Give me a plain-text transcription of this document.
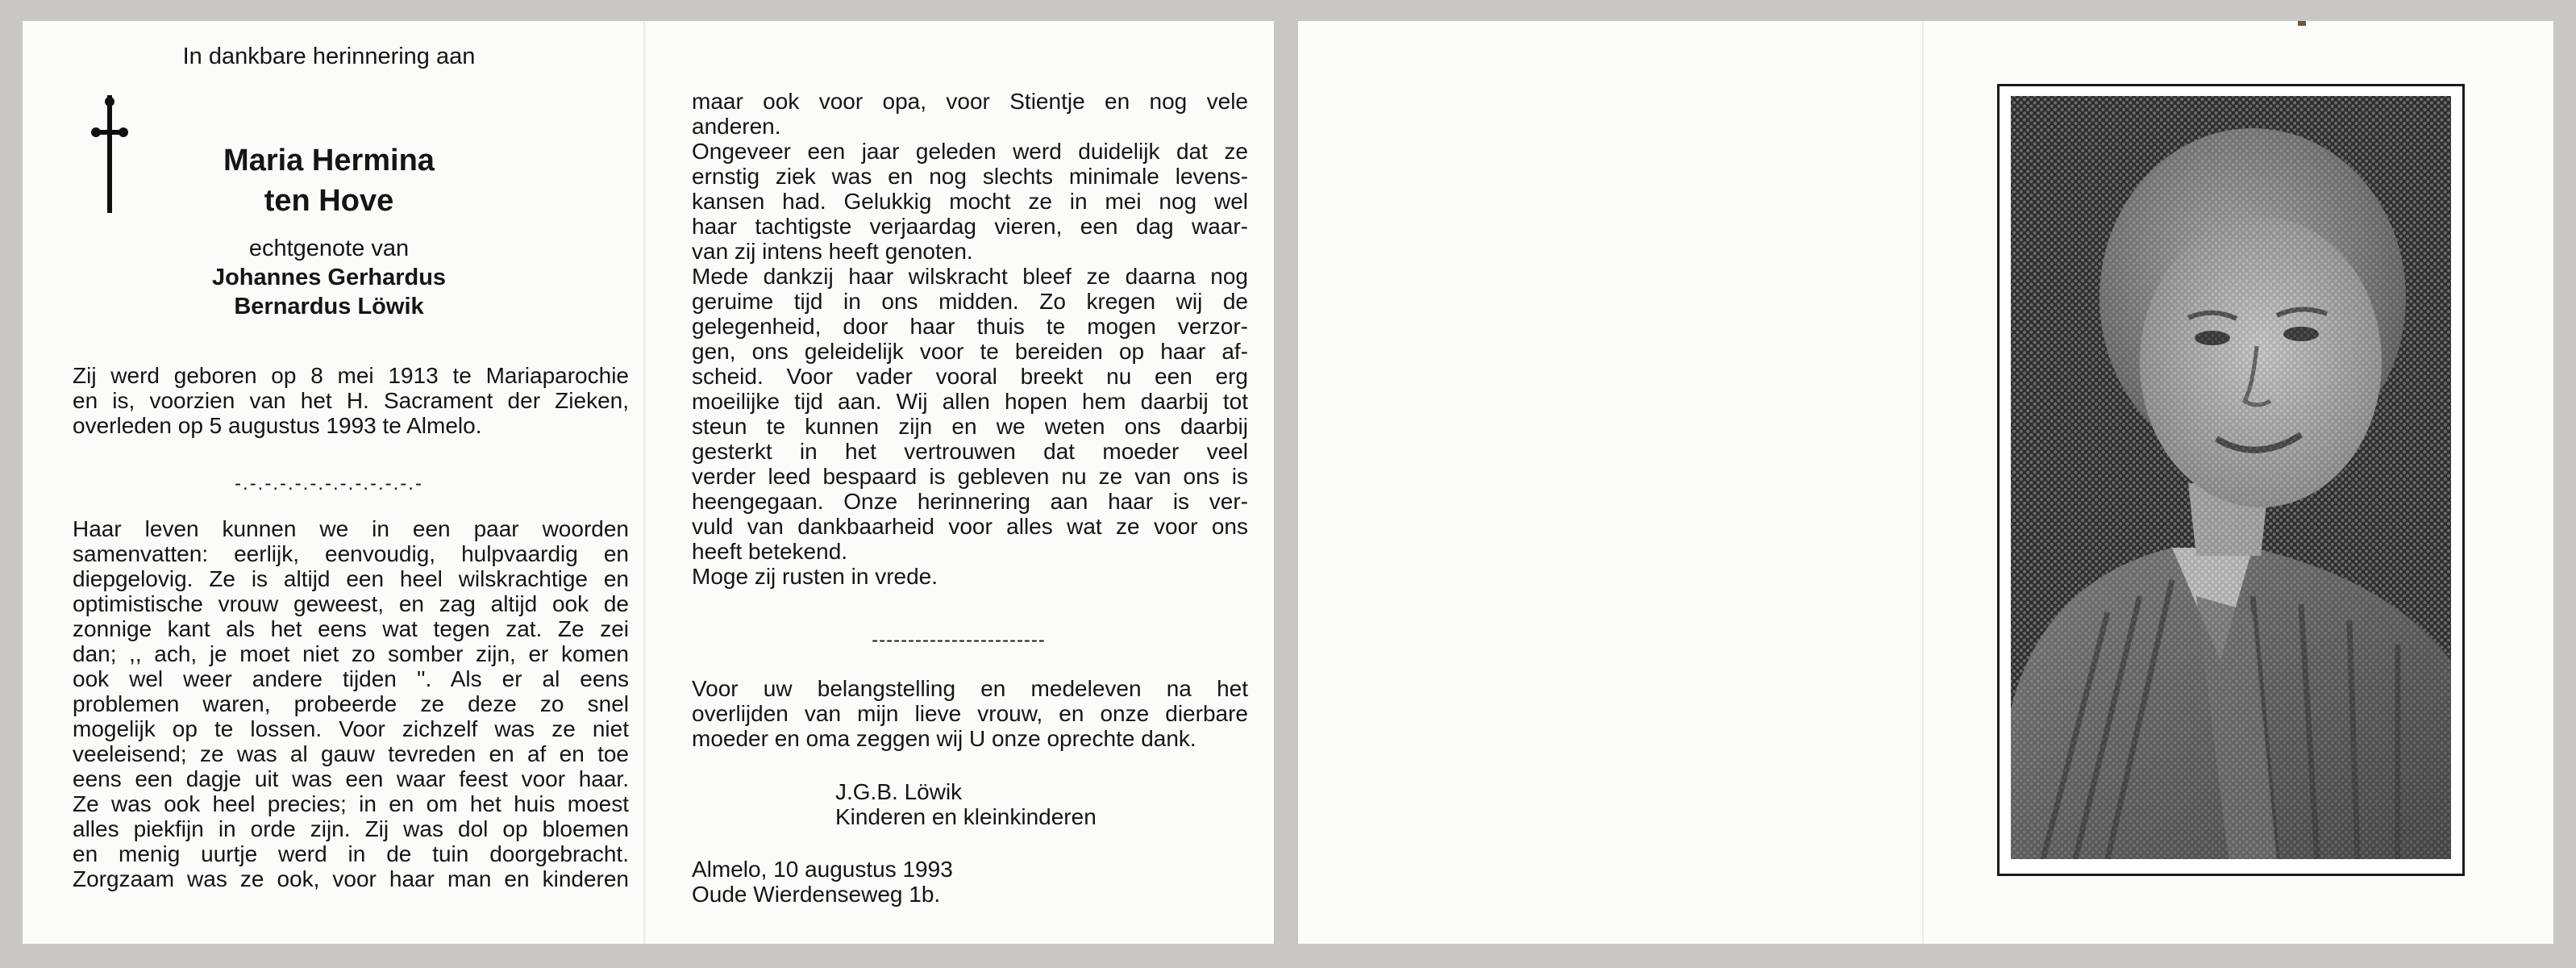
In dankbare herinnering aan
Maria Hermina
ten Hove
echtgenote van
Johannes Gerhardus
Bernardus Löwik
Zij werd geboren op 8 mei 1913 te Mariaparochie
en is, voorzien van het H. Sacrament der Zieken,
overleden op 5 augustus 1993 te Almelo.
-.-.-.-.-.-.-.-.-.-.-.-.-
Haar leven kunnen we in een paar woorden
samenvatten: eerlijk, eenvoudig, hulpvaardig en
diepgelovig. Ze is altijd een heel wilskrachtige en
optimistische vrouw geweest, en zag altijd ook de
zonnige kant als het eens wat tegen zat. Ze zei
dan; ,, ach, je moet niet zo somber zijn, er komen
ook wel weer andere tijden ''. Als er al eens
problemen waren, probeerde ze deze zo snel
mogelijk op te lossen. Voor zichzelf was ze niet
veeleisend; ze was al gauw tevreden en af en toe
eens een dagje uit was een waar feest voor haar.
Ze was ook heel precies; in en om het huis moest
alles piekfijn in orde zijn. Zij was dol op bloemen
en menig uurtje werd in de tuin doorgebracht.
Zorgzaam was ze ook, voor haar man en kinderen
maar ook voor opa, voor Stientje en nog vele
anderen.
Ongeveer een jaar geleden werd duidelijk dat ze
ernstig ziek was en nog slechts minimale levens-
kansen had. Gelukkig mocht ze in mei nog wel
haar tachtigste verjaardag vieren, een dag waar-
van zij intens heeft genoten.
Mede dankzij haar wilskracht bleef ze daarna nog
geruime tijd in ons midden. Zo kregen wij de
gelegenheid, door haar thuis te mogen verzor-
gen, ons geleidelijk voor te bereiden op haar af-
scheid. Voor vader vooral breekt nu een erg
moeilijke tijd aan. Wij allen hopen hem daarbij tot
steun te kunnen zijn en we weten ons daarbij
gesterkt in het vertrouwen dat moeder veel
verder leed bespaard is gebleven nu ze van ons is
heengegaan. Onze herinnering aan haar is ver-
vuld van dankbaarheid voor alles wat ze voor ons
heeft betekend.
Moge zij rusten in vrede.
------------------------
Voor uw belangstelling en medeleven na het
overlijden van mijn lieve vrouw, en onze dierbare
moeder en oma zeggen wij U onze oprechte dank.
J.G.B. Löwik
Kinderen en kleinkinderen
Almelo, 10 augustus 1993
Oude Wierdenseweg 1b.
